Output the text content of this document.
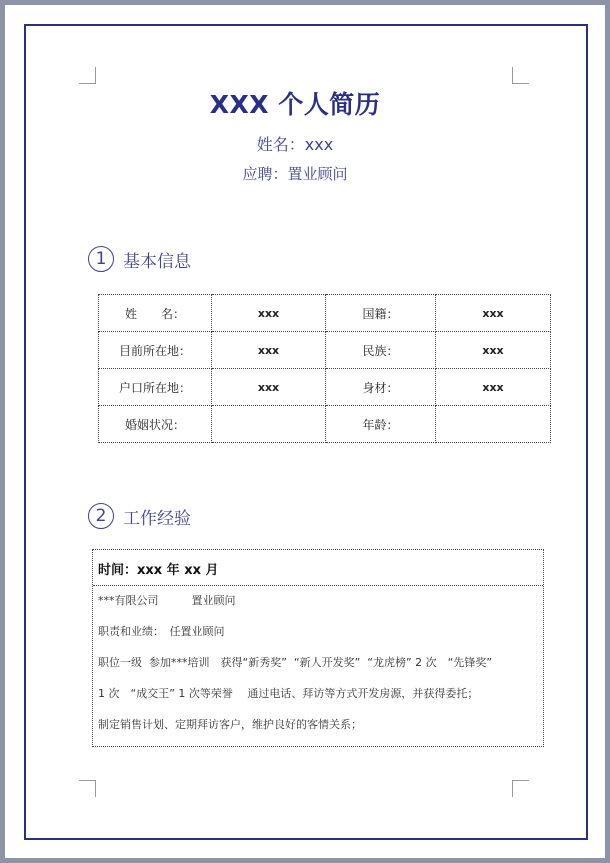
XXX 个人简历
姓名：xxx
应聘：置业顾问
1 基本信息
姓　　名：	xxx	国籍：	xxx
目前所在地：	xxx	民族：	xxx
户口所在地：	xxx	身材：	xxx
婚姻状况：		年龄：	
2 工作经验
时间：xxx 年 xx 月
***有限公司　　　置业顾问
职责和业绩：　任置业顾问
职位一级  参加***培训　获得“新秀奖”  “新人开发奖”  “龙虎榜” 2 次　“先锋奖”
1 次　“成交王” 1 次等荣誉　 通过电话、拜访等方式开发房源，并获得委托；
制定销售计划、定期拜访客户，维护良好的客情关系；
